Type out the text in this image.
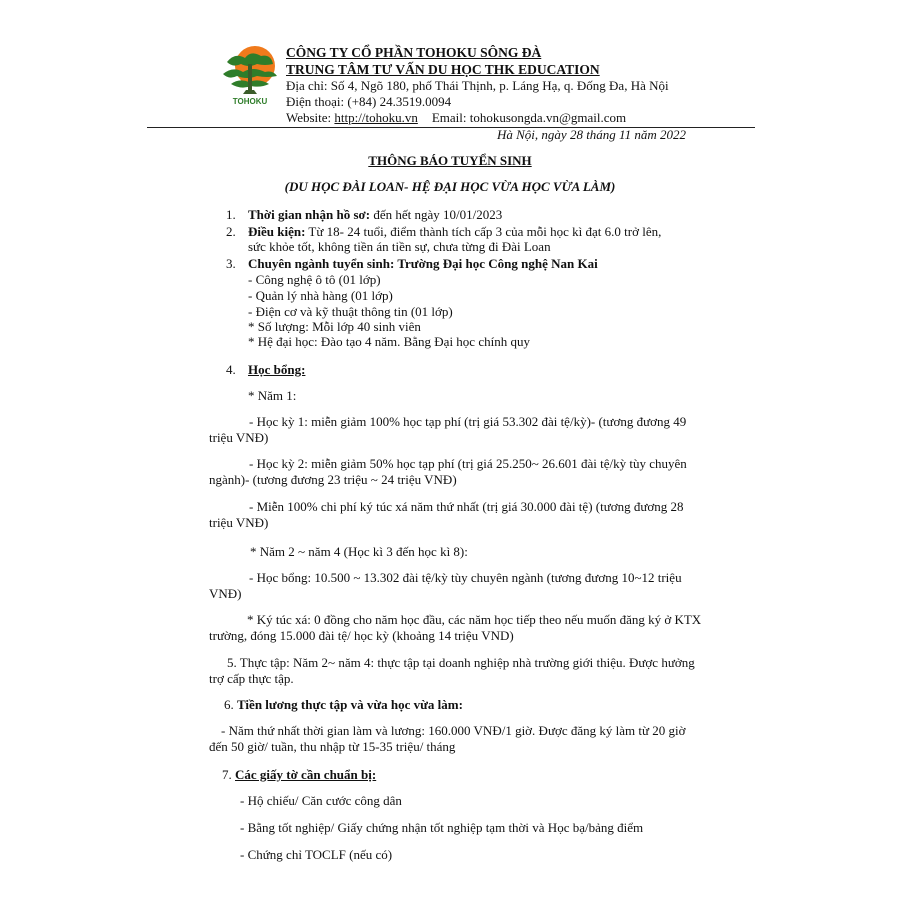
TOHOKU
CÔNG TY CỔ PHẦN TOHOKU SÔNG ĐÀ
TRUNG TÂM TƯ VẤN DU HỌC THK EDUCATION
Địa chỉ: Số 4, Ngõ 180, phố Thái Thịnh, p. Láng Hạ, q. Đống Đa, Hà Nội
Điện thoại: (+84) 24.3519.0094
Website: http://tohoku.vn Email: tohokusongda.vn@gmail.com
Hà Nội, ngày 28 tháng 11 năm 2022
THÔNG BÁO TUYỂN SINH
(DU HỌC ĐÀI LOAN- HỆ ĐẠI HỌC VỪA HỌC VỪA LÀM)
1. Thời gian nhận hồ sơ: đến hết ngày 10/01/2023
2. Điều kiện: Từ 18- 24 tuổi, điểm thành tích cấp 3 của mỗi học kì đạt 6.0 trở lên,
sức khỏe tốt, không tiền án tiền sự, chưa từng đi Đài Loan
3. Chuyên ngành tuyển sinh: Trường Đại học Công nghệ Nan Kai
- Công nghệ ô tô (01 lớp)
- Quản lý nhà hàng (01 lớp)
- Điện cơ và kỹ thuật thông tin (01 lớp)
* Số lượng: Mỗi lớp 40 sinh viên
* Hệ đại học: Đào tạo 4 năm. Bằng Đại học chính quy
4. Học bổng:
* Năm 1:
- Học kỳ 1: miễn giảm 100% học tạp phí (trị giá 53.302 đài tệ/kỳ)- (tương đương 49 triệu VNĐ)
- Học kỳ 2: miễn giảm 50% học tạp phí (trị giá 25.250~ 26.601 đài tệ/kỳ tùy chuyên ngành)- (tương đương 23 triệu ~ 24 triệu VNĐ)
- Miễn 100% chi phí ký túc xá năm thứ nhất (trị giá 30.000 đài tệ) (tương đương 28 triệu VNĐ)
* Năm 2 ~ năm 4 (Học kì 3 đến học kì 8):
- Học bổng: 10.500 ~ 13.302 đài tệ/kỳ tùy chuyên ngành (tương đương 10~12 triệu VNĐ)
* Ký túc xá: 0 đồng cho năm học đầu, các năm học tiếp theo nếu muốn đăng ký ở KTX trường, đóng 15.000 đài tệ/ học kỳ (khoảng 14 triệu VND)
5. Thực tập: Năm 2~ năm 4: thực tập tại doanh nghiệp nhà trường giới thiệu. Được hưởng trợ cấp thực tập.
6. Tiền lương thực tập và vừa học vừa làm:
- Năm thứ nhất thời gian làm và lương: 160.000 VNĐ/1 giờ. Được đăng ký làm từ 20 giờ đến 50 giờ/ tuần, thu nhập từ 15-35 triệu/ tháng
7. Các giấy tờ cần chuẩn bị:
- Hộ chiếu/ Căn cước công dân
- Bằng tốt nghiệp/ Giấy chứng nhận tốt nghiệp tạm thời và Học bạ/bảng điểm
- Chứng chỉ TOCLF (nếu có)
